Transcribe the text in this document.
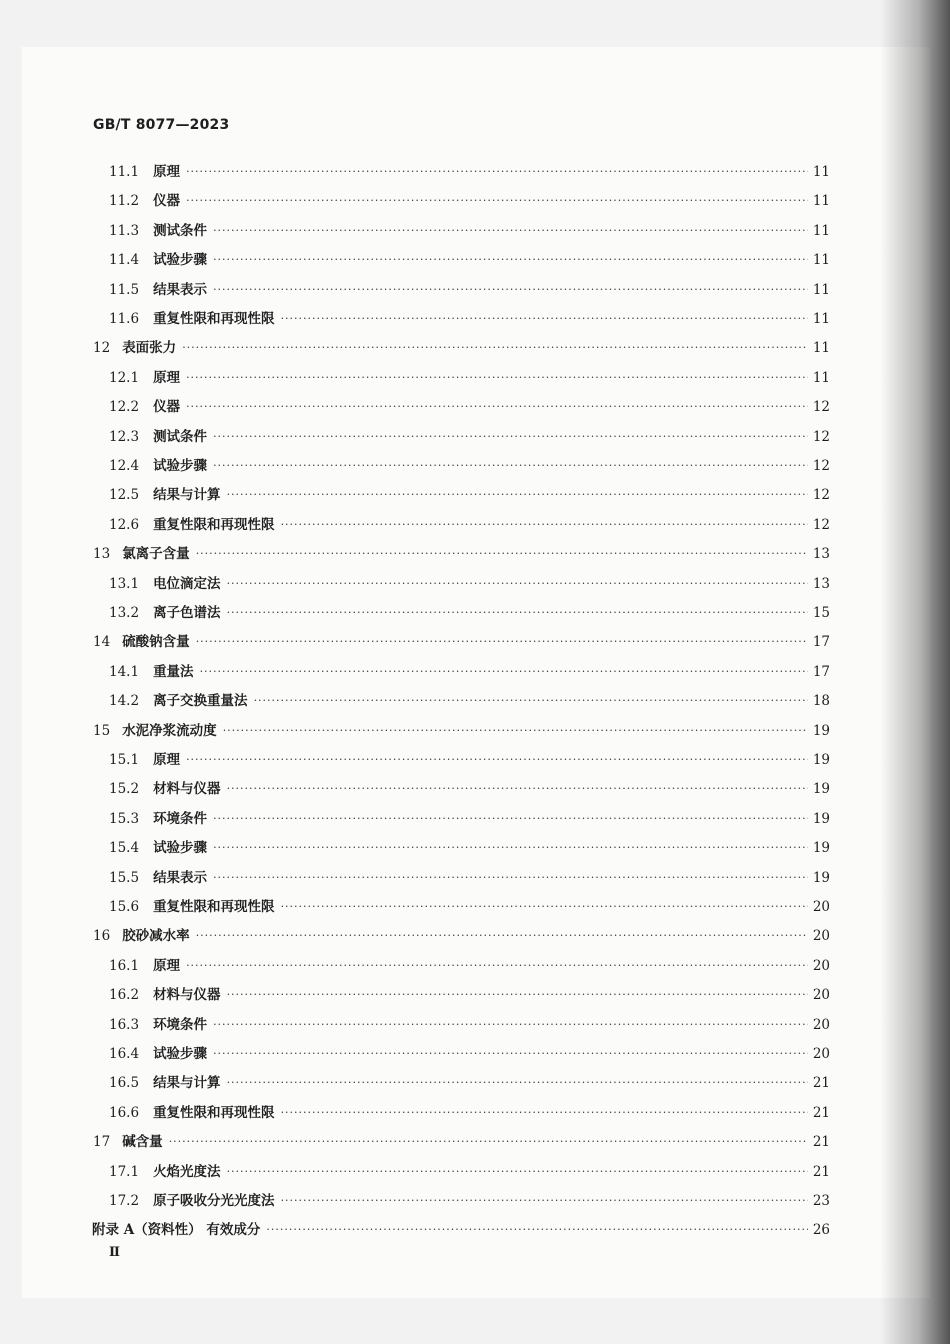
GB/T 8077—2023
11.1 原理 ·····	11
11.2 仪器 ·····	11
11.3 测试条件 ·····	11
11.4 试验步骤 ·····	11
11.5 结果表示 ·····	11
11.6 重复性限和再现性限 ·····	11
12 表面张力 ·····	11
12.1 原理 ·····	11
12.2 仪器 ·····	12
12.3 测试条件 ·····	12
12.4 试验步骤 ·····	12
12.5 结果与计算 ·····	12
12.6 重复性限和再现性限 ·····	12
13 氯离子含量 ·····	13
13.1 电位滴定法 ·····	13
13.2 离子色谱法 ·····	15
14 硫酸钠含量 ·····	17
14.1 重量法 ·····	17
14.2 离子交换重量法 ·····	18
15 水泥净浆流动度 ·····	19
15.1 原理 ·····	19
15.2 材料与仪器 ·····	19
15.3 环境条件 ·····	19
15.4 试验步骤 ·····	19
15.5 结果表示 ·····	19
15.6 重复性限和再现性限 ·····	20
16 胶砂减水率 ·····	20
16.1 原理 ·····	20
16.2 材料与仪器 ·····	20
16.3 环境条件 ·····	20
16.4 试验步骤 ·····	20
16.5 结果与计算 ·····	21
16.6 重复性限和再现性限 ·····	21
17 碱含量 ·····	21
17.1 火焰光度法 ·····	21
17.2 原子吸收分光光度法 ·····	23
附录 A（资料性） 有效成分 ·····	26
Ⅱ
